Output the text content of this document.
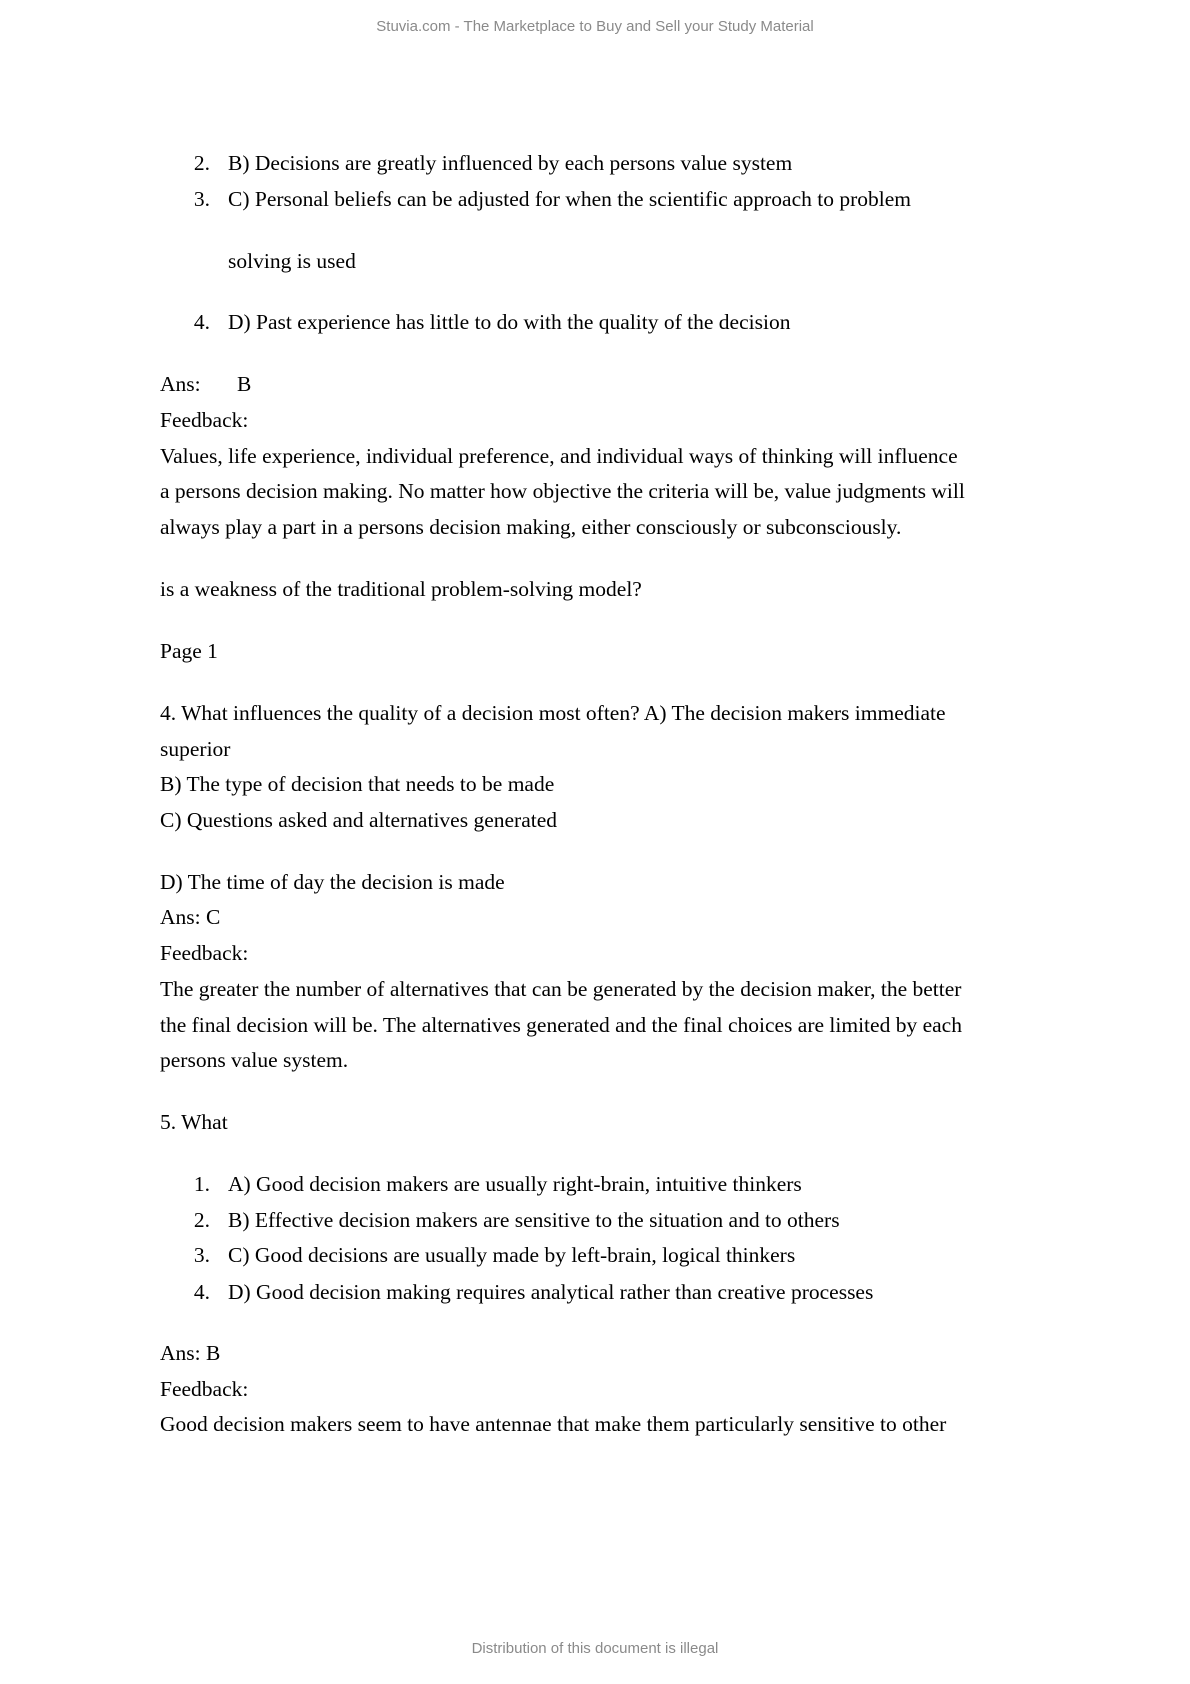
Stuvia.com - The Marketplace to Buy and Sell your Study Material
2. B) Decisions are greatly influenced by each persons value system
3. C) Personal beliefs can be adjusted for when the scientific approach to problem
solving is used
4. D) Past experience has little to do with the quality of the decision
Ans: B
Feedback:
Values, life experience, individual preference, and individual ways of thinking will influence
a persons decision making. No matter how objective the criteria will be, value judgments will
always play a part in a persons decision making, either consciously or subconsciously.
is a weakness of the traditional problem-solving model?
Page 1
4. What influences the quality of a decision most often? A) The decision makers immediate
superior
B) The type of decision that needs to be made
C) Questions asked and alternatives generated
D) The time of day the decision is made
Ans: C
Feedback:
The greater the number of alternatives that can be generated by the decision maker, the better
the final decision will be. The alternatives generated and the final choices are limited by each
persons value system.
5. What
1. A) Good decision makers are usually right-brain, intuitive thinkers
2. B) Effective decision makers are sensitive to the situation and to others
3. C) Good decisions are usually made by left-brain, logical thinkers
4. D) Good decision making requires analytical rather than creative processes
Ans: B
Feedback:
Good decision makers seem to have antennae that make them particularly sensitive to other
Distribution of this document is illegal
